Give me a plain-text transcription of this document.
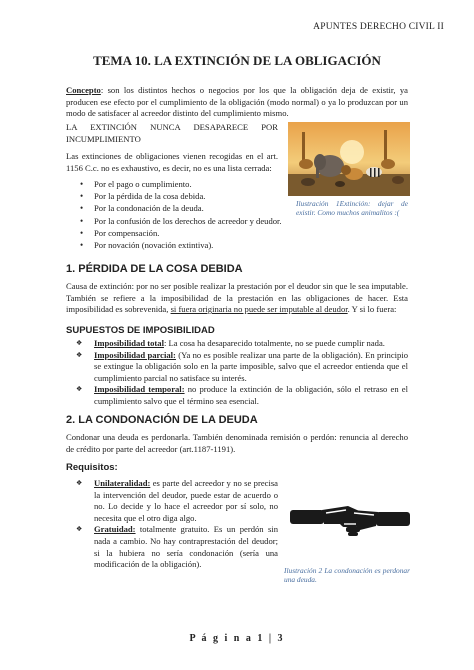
APUNTES DERECHO CIVIL II
TEMA 10. LA EXTINCIÓN DE LA OBLIGACIÓN
Concepto: son los distintos hechos o negocios por los que la obligación deja de existir, ya producen ese efecto por el cumplimiento de la obligación (modo normal) o ya lo produzcan por un modo de satisfacer al acreedor distinto del cumplimiento mismo.
LA EXTINCIÓN NUNCA DESAPARECE POR INCUMPLIMIENTO
Las extinciones de obligaciones vienen recogidas en el art. 1156 C.c. no es exhaustivo, es decir, no es una lista cerrada:
• Por el pago o cumplimiento.
• Por la pérdida de la cosa debida.
• Por la condonación de la deuda.
• Por la confusión de los derechos de acreedor y deudor.
• Por compensación.
• Por novación (novación extintiva).
Ilustración 1Extinción: dejar de existir. Como muchos animalitos :(
1. PÉRDIDA DE LA COSA DEBIDA
Causa de extinción: por no ser posible realizar la prestación por el deudor sin que le sea imputable. También se refiere a la imposibilidad de la prestación en las obligaciones de hacer. Esta imposibilidad es sobrevenida, si fuera originaria no puede ser imputable al deudor. Y si lo fuera:
SUPUESTOS DE IMPOSIBILIDAD
❖ Imposibilidad total: La cosa ha desaparecido totalmente, no se puede cumplir nada.
❖ Imposibilidad parcial: (Ya no es posible realizar una parte de la obligación). En principio se extingue la obligación solo en la parte imposible, salvo que el acreedor entienda que el cumplimiento parcial no satisface su interés.
❖ Imposibilidad temporal: no produce la extinción de la obligación, sólo el retraso en el cumplimiento salvo que el término sea esencial.
2. LA CONDONACIÓN DE LA DEUDA
Condonar una deuda es perdonarla. También denominada remisión o perdón: renuncia al derecho de crédito por parte del acreedor (art.1187-1191).
Requisitos:
❖ Unilateralidad: es parte del acreedor y no se precisa la intervención del deudor, puede estar de acuerdo o no. Lo decide y lo hace el acreedor por sí solo, no necesita que el otro diga algo.
❖ Gratuidad: totalmente gratuito. Es un perdón sin nada a cambio. No hay contraprestación del deudor; si la hubiera no sería condonación (sería una modificación de la obligación).
Ilustración 2 La condonación es perdonar una deuda.
P á g i n a 1 | 3
